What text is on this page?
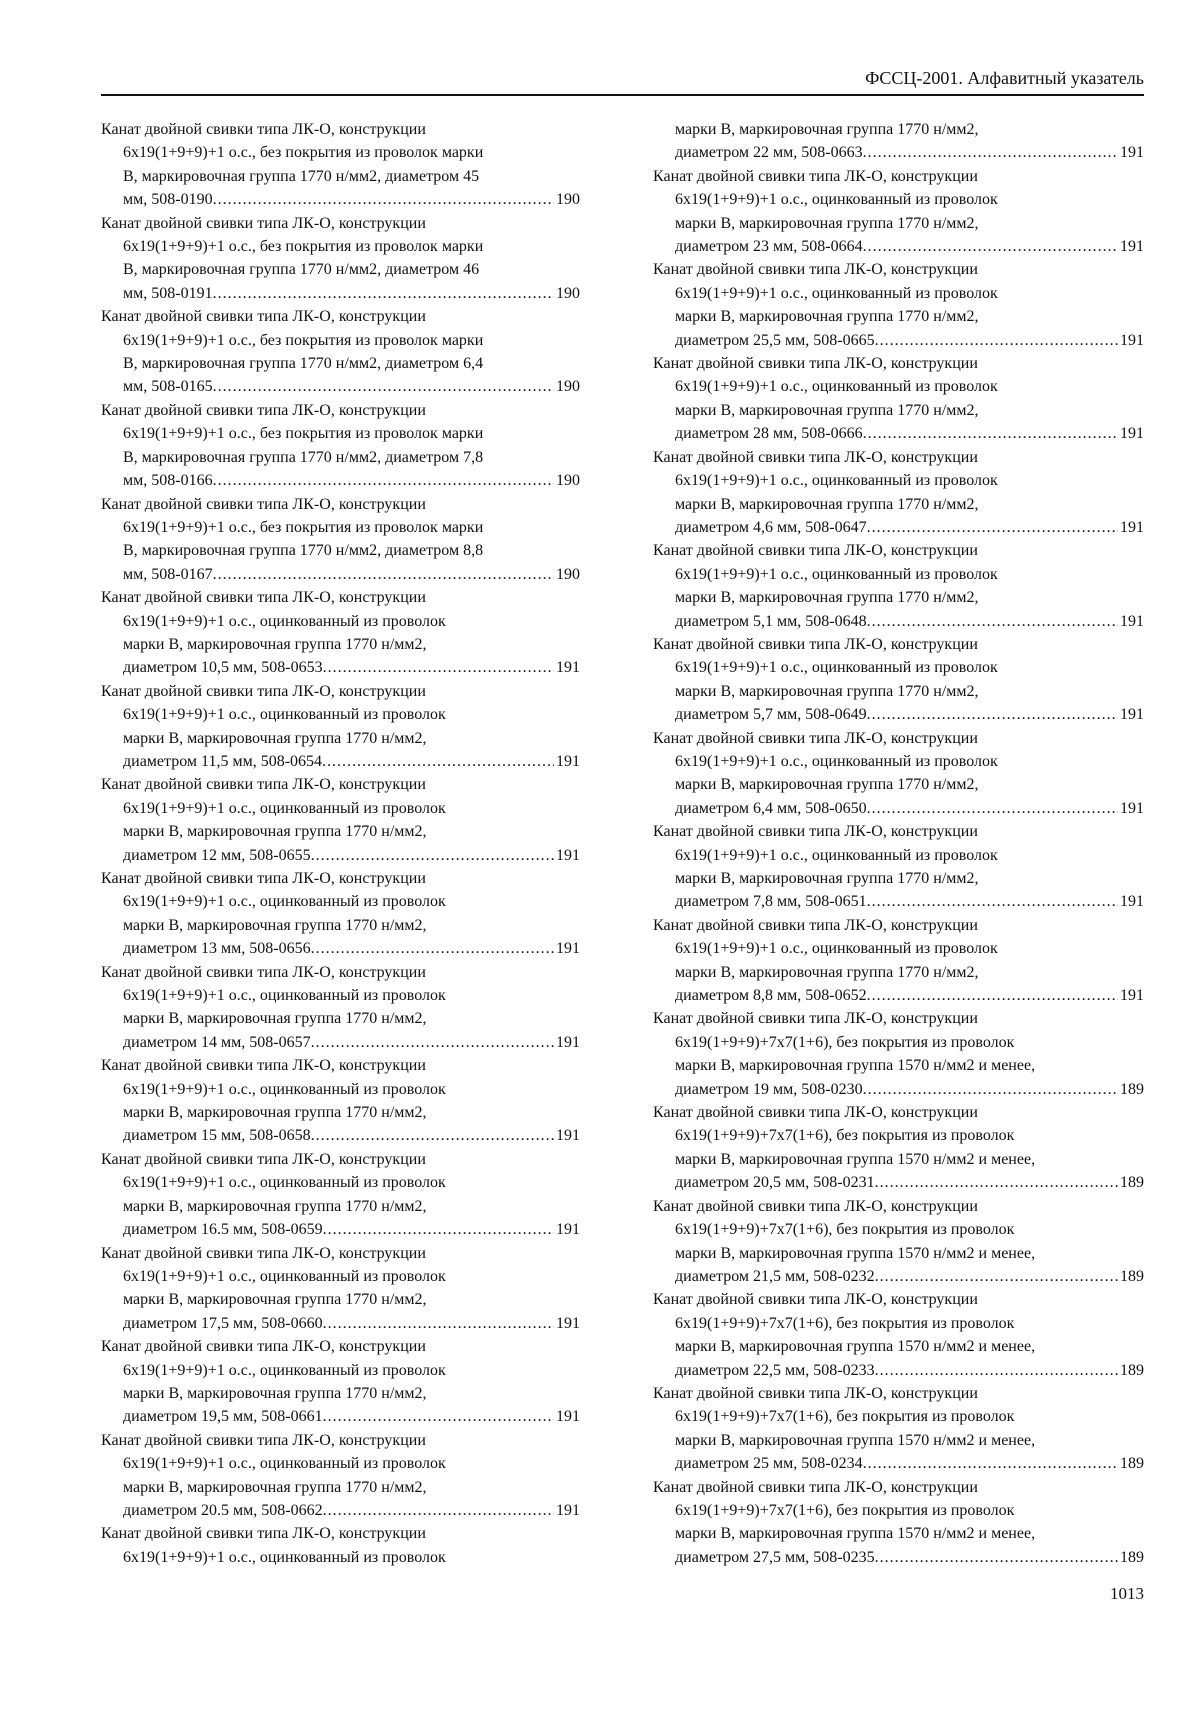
ФССЦ-2001. Алфавитный указатель
Канат двойной свивки типа ЛК-О, конструкции
6х19(1+9+9)+1 о.с., без покрытия из проволок марки
В, маркировочная группа 1770 н/мм2, диаметром 45
мм, 508-0190 .....	190
Канат двойной свивки типа ЛК-О, конструкции
6х19(1+9+9)+1 о.с., без покрытия из проволок марки
В, маркировочная группа 1770 н/мм2, диаметром 46
мм, 508-0191 .....	190
Канат двойной свивки типа ЛК-О, конструкции
6х19(1+9+9)+1 о.с., без покрытия из проволок марки
В, маркировочная группа 1770 н/мм2, диаметром 6,4
мм, 508-0165 .....	190
Канат двойной свивки типа ЛК-О, конструкции
6х19(1+9+9)+1 о.с., без покрытия из проволок марки
В, маркировочная группа 1770 н/мм2, диаметром 7,8
мм, 508-0166 .....	190
Канат двойной свивки типа ЛК-О, конструкции
6х19(1+9+9)+1 о.с., без покрытия из проволок марки
В, маркировочная группа 1770 н/мм2, диаметром 8,8
мм, 508-0167 .....	190
Канат двойной свивки типа ЛК-О, конструкции
6х19(1+9+9)+1 о.с., оцинкованный из проволок
марки В, маркировочная группа 1770 н/мм2,
диаметром 10,5 мм, 508-0653 .....	191
Канат двойной свивки типа ЛК-О, конструкции
6х19(1+9+9)+1 о.с., оцинкованный из проволок
марки В, маркировочная группа 1770 н/мм2,
диаметром 11,5 мм, 508-0654 .....	191
Канат двойной свивки типа ЛК-О, конструкции
6х19(1+9+9)+1 о.с., оцинкованный из проволок
марки В, маркировочная группа 1770 н/мм2,
диаметром 12 мм, 508-0655 .....	191
Канат двойной свивки типа ЛК-О, конструкции
6х19(1+9+9)+1 о.с., оцинкованный из проволок
марки В, маркировочная группа 1770 н/мм2,
диаметром 13 мм, 508-0656 .....	191
Канат двойной свивки типа ЛК-О, конструкции
6х19(1+9+9)+1 о.с., оцинкованный из проволок
марки В, маркировочная группа 1770 н/мм2,
диаметром 14 мм, 508-0657 .....	191
Канат двойной свивки типа ЛК-О, конструкции
6х19(1+9+9)+1 о.с., оцинкованный из проволок
марки В, маркировочная группа 1770 н/мм2,
диаметром 15 мм, 508-0658 .....	191
Канат двойной свивки типа ЛК-О, конструкции
6х19(1+9+9)+1 о.с., оцинкованный из проволок
марки В, маркировочная группа 1770 н/мм2,
диаметром 16.5 мм, 508-0659 .....	191
Канат двойной свивки типа ЛК-О, конструкции
6х19(1+9+9)+1 о.с., оцинкованный из проволок
марки В, маркировочная группа 1770 н/мм2,
диаметром 17,5 мм, 508-0660 .....	191
Канат двойной свивки типа ЛК-О, конструкции
6х19(1+9+9)+1 о.с., оцинкованный из проволок
марки В, маркировочная группа 1770 н/мм2,
диаметром 19,5 мм, 508-0661 .....	191
Канат двойной свивки типа ЛК-О, конструкции
6х19(1+9+9)+1 о.с., оцинкованный из проволок
марки В, маркировочная группа 1770 н/мм2,
диаметром 20.5 мм, 508-0662 .....	191
Канат двойной свивки типа ЛК-О, конструкции
6х19(1+9+9)+1 о.с., оцинкованный из проволок
марки В, маркировочная группа 1770 н/мм2,
диаметром 22 мм, 508-0663 .....	191
Канат двойной свивки типа ЛК-О, конструкции
6х19(1+9+9)+1 о.с., оцинкованный из проволок
марки В, маркировочная группа 1770 н/мм2,
диаметром 23 мм, 508-0664 .....	191
Канат двойной свивки типа ЛК-О, конструкции
6х19(1+9+9)+1 о.с., оцинкованный из проволок
марки В, маркировочная группа 1770 н/мм2,
диаметром 25,5 мм, 508-0665 .....	191
Канат двойной свивки типа ЛК-О, конструкции
6х19(1+9+9)+1 о.с., оцинкованный из проволок
марки В, маркировочная группа 1770 н/мм2,
диаметром 28 мм, 508-0666 .....	191
Канат двойной свивки типа ЛК-О, конструкции
6х19(1+9+9)+1 о.с., оцинкованный из проволок
марки В, маркировочная группа 1770 н/мм2,
диаметром 4,6 мм, 508-0647 .....	191
Канат двойной свивки типа ЛК-О, конструкции
6х19(1+9+9)+1 о.с., оцинкованный из проволок
марки В, маркировочная группа 1770 н/мм2,
диаметром 5,1 мм, 508-0648 .....	191
Канат двойной свивки типа ЛК-О, конструкции
6х19(1+9+9)+1 о.с., оцинкованный из проволок
марки В, маркировочная группа 1770 н/мм2,
диаметром 5,7 мм, 508-0649 .....	191
Канат двойной свивки типа ЛК-О, конструкции
6х19(1+9+9)+1 о.с., оцинкованный из проволок
марки В, маркировочная группа 1770 н/мм2,
диаметром 6,4 мм, 508-0650 .....	191
Канат двойной свивки типа ЛК-О, конструкции
6х19(1+9+9)+1 о.с., оцинкованный из проволок
марки В, маркировочная группа 1770 н/мм2,
диаметром 7,8 мм, 508-0651 .....	191
Канат двойной свивки типа ЛК-О, конструкции
6х19(1+9+9)+1 о.с., оцинкованный из проволок
марки В, маркировочная группа 1770 н/мм2,
диаметром 8,8 мм, 508-0652 .....	191
Канат двойной свивки типа ЛК-О, конструкции
6х19(1+9+9)+7х7(1+6), без покрытия из проволок
марки В, маркировочная группа 1570 н/мм2 и менее,
диаметром 19 мм, 508-0230 .....	189
Канат двойной свивки типа ЛК-О, конструкции
6х19(1+9+9)+7х7(1+6), без покрытия из проволок
марки В, маркировочная группа 1570 н/мм2 и менее,
диаметром 20,5 мм, 508-0231 .....	189
Канат двойной свивки типа ЛК-О, конструкции
6х19(1+9+9)+7х7(1+6), без покрытия из проволок
марки В, маркировочная группа 1570 н/мм2 и менее,
диаметром 21,5 мм, 508-0232 .....	189
Канат двойной свивки типа ЛК-О, конструкции
6х19(1+9+9)+7х7(1+6), без покрытия из проволок
марки В, маркировочная группа 1570 н/мм2 и менее,
диаметром 22,5 мм, 508-0233 .....	189
Канат двойной свивки типа ЛК-О, конструкции
6х19(1+9+9)+7х7(1+6), без покрытия из проволок
марки В, маркировочная группа 1570 н/мм2 и менее,
диаметром 25 мм, 508-0234 .....	189
Канат двойной свивки типа ЛК-О, конструкции
6х19(1+9+9)+7х7(1+6), без покрытия из проволок
марки В, маркировочная группа 1570 н/мм2 и менее,
диаметром 27,5 мм, 508-0235 .....	189
1013
